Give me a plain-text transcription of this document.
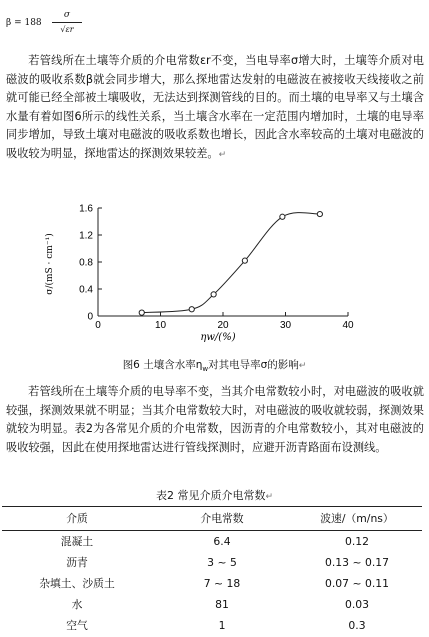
β = 188
σ
√εr

若管线所在土壤等介质的介电常数εr不变，当电导率σ增大时，土壤等介质对电磁波的吸收系数β就会同步增大，那么探地雷达发射的电磁波在被接收天线接收之前就可能已经全部被土壤吸收，无法达到探测管线的目的。而土壤的电导率又与土壤含水量有着如图6所示的线性关系，当土壤含水率在一定范围内增加时，土壤的电导率同步增加，导致土壤对电磁波的吸收系数也增长，因此含水率较高的土壤对电磁波的吸收较为明显，探地雷达的探测效果较差。↵

0	10	20	30	40
0
0.4
0.8
1.2
1.6
ηw/(%)
σ/(mS · cm⁻¹)
图6 土壤含水率$\eta_w$对其电导率σ的影响↵

若管线所在土壤等介质的电导率不变，当其介电常数较小时，对电磁波的吸收就较强，探测效果就不明显；当其介电常数较大时，对电磁波的吸收就较弱，探测效果就较为明显。表2为各常见介质的介电常数，因沥青的介电常数较小，其对电磁波的吸收较强，因此在使用探地雷达进行管线探测时，应避开沥青路面布设测线。

表2 常见介质介电常数↵
介质	介电常数	波速/（m/ns）
混凝土	6.4	0.12
沥青	3 ~ 5	0.13 ~ 0.17
杂填土、沙质土	7 ~ 18	0.07 ~ 0.11
水	81	0.03
空气	1	0.3
